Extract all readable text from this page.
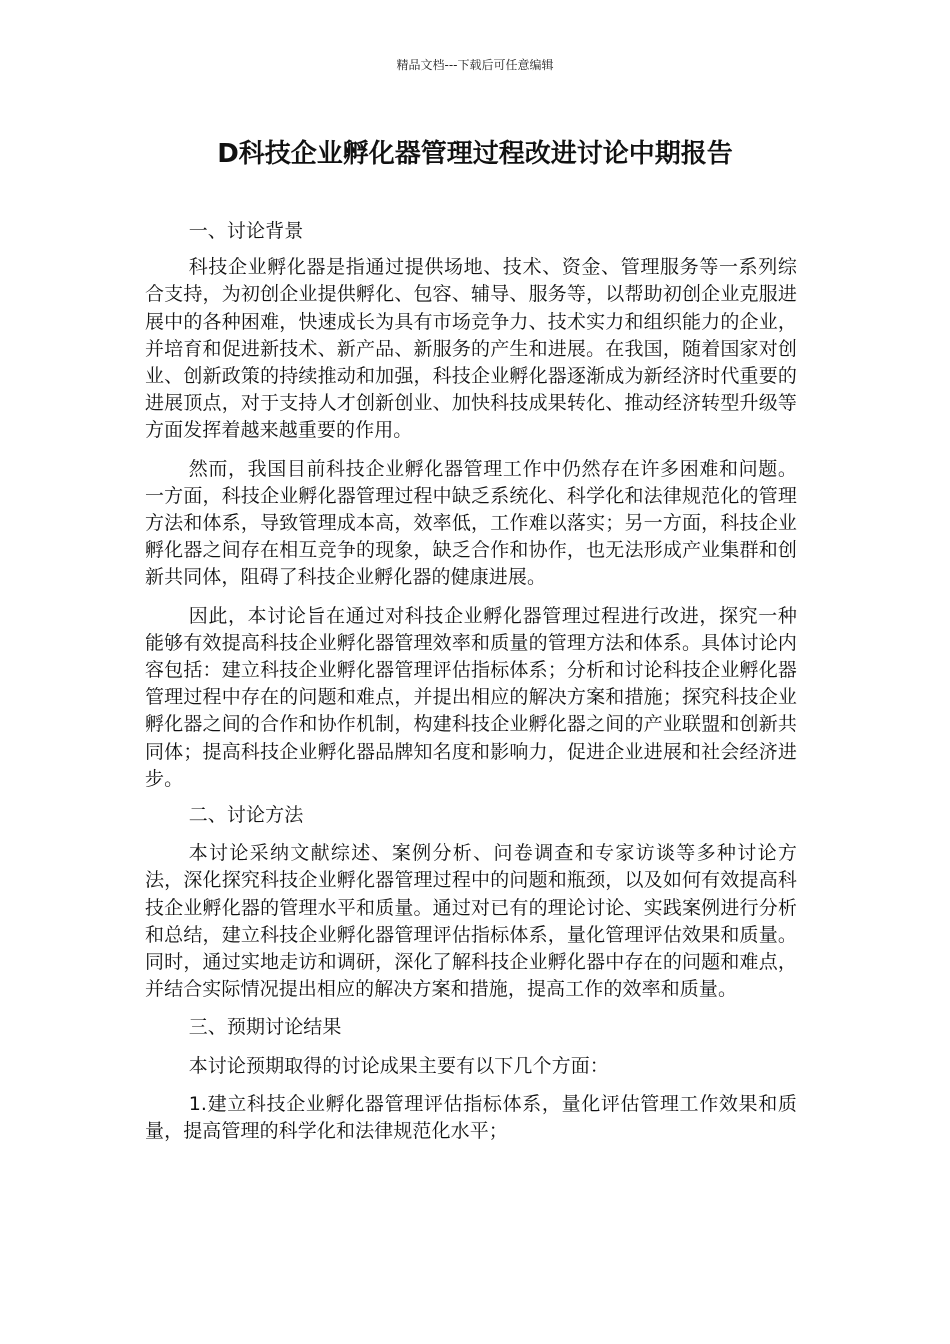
精品文档---下载后可任意编辑
D科技企业孵化器管理过程改进讨论中期报告

一、讨论背景

科技企业孵化器是指通过提供场地、技术、资金、管理服务等一系列综合支持，为初创企业提供孵化、包容、辅导、服务等，以帮助初创企业克服进展中的各种困难，快速成长为具有市场竞争力、技术实力和组织能力的企业，并培育和促进新技术、新产品、新服务的产生和进展。在我国，随着国家对创业、创新政策的持续推动和加强，科技企业孵化器逐渐成为新经济时代重要的进展顶点，对于支持人才创新创业、加快科技成果转化、推动经济转型升级等方面发挥着越来越重要的作用。

然而，我国目前科技企业孵化器管理工作中仍然存在许多困难和问题。一方面，科技企业孵化器管理过程中缺乏系统化、科学化和法律规范化的管理方法和体系，导致管理成本高，效率低，工作难以落实；另一方面，科技企业孵化器之间存在相互竞争的现象，缺乏合作和协作，也无法形成产业集群和创新共同体，阻碍了科技企业孵化器的健康进展。

因此，本讨论旨在通过对科技企业孵化器管理过程进行改进，探究一种能够有效提高科技企业孵化器管理效率和质量的管理方法和体系。具体讨论内容包括：建立科技企业孵化器管理评估指标体系；分析和讨论科技企业孵化器管理过程中存在的问题和难点，并提出相应的解决方案和措施；探究科技企业孵化器之间的合作和协作机制，构建科技企业孵化器之间的产业联盟和创新共同体；提高科技企业孵化器品牌知名度和影响力，促进企业进展和社会经济进步。

二、讨论方法

本讨论采纳文献综述、案例分析、问卷调查和专家访谈等多种讨论方法，深化探究科技企业孵化器管理过程中的问题和瓶颈，以及如何有效提高科技企业孵化器的管理水平和质量。通过对已有的理论讨论、实践案例进行分析和总结，建立科技企业孵化器管理评估指标体系，量化管理评估效果和质量。同时，通过实地走访和调研，深化了解科技企业孵化器中存在的问题和难点，并结合实际情况提出相应的解决方案和措施，提高工作的效率和质量。

三、预期讨论结果

本讨论预期取得的讨论成果主要有以下几个方面：

1.建立科技企业孵化器管理评估指标体系，量化评估管理工作效果和质量，提高管理的科学化和法律规范化水平；
